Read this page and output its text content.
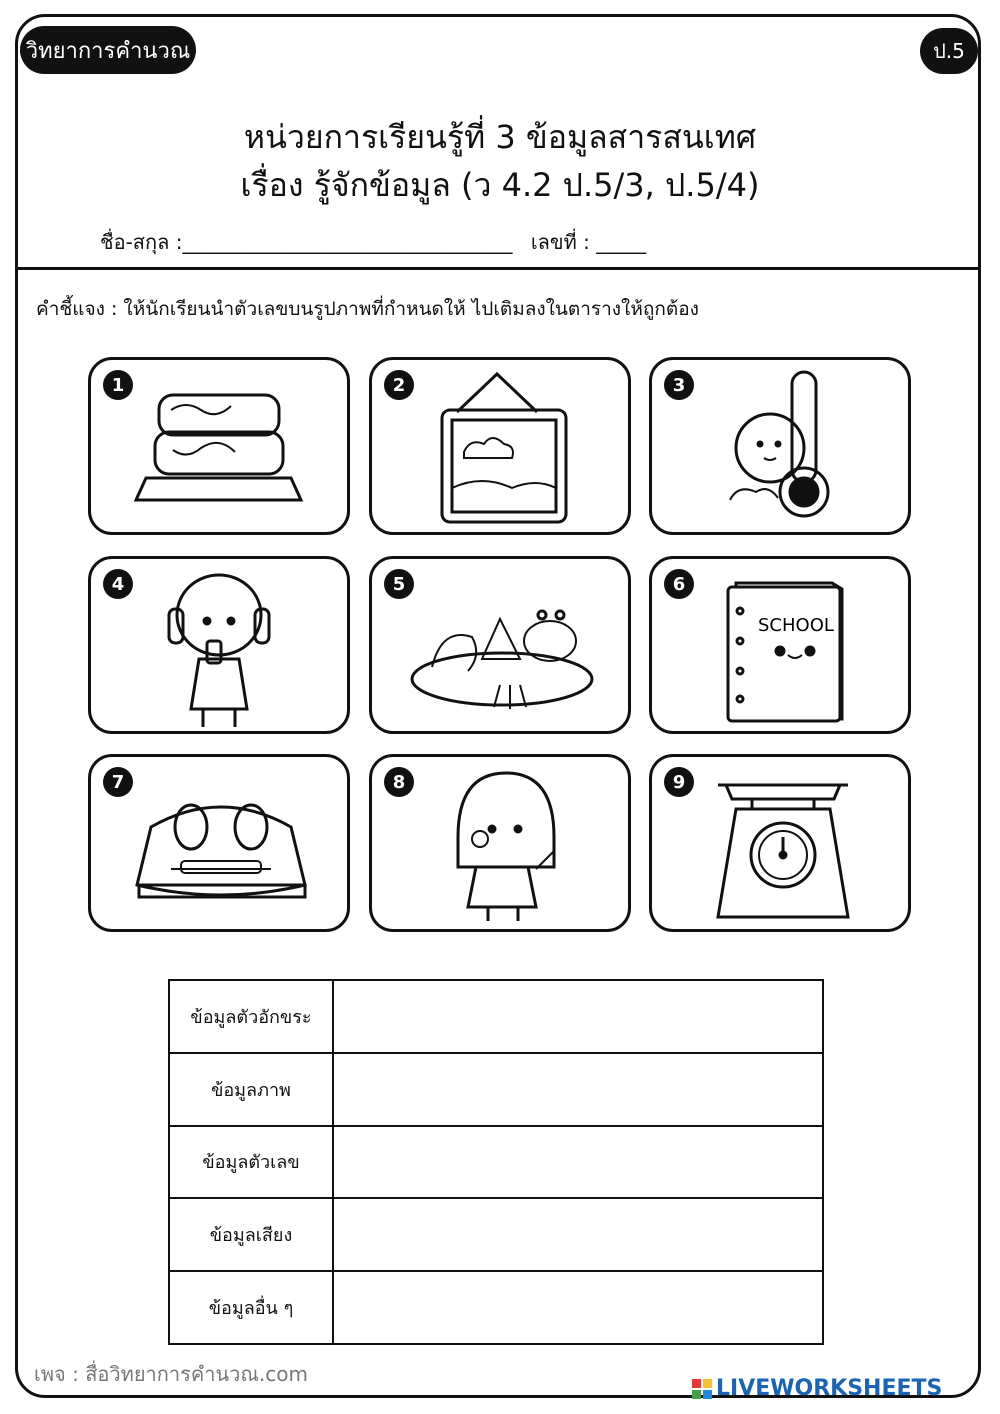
วิทยาการคำนวณ	ป.5
หน่วยการเรียนรู้ที่ 3 ข้อมูลสารสนเทศ
เรื่อง รู้จักข้อมูล (ว 4.2 ป.5/3, ป.5/4)
ชื่อ-สกุล :_________________________________ เลขที่ : _____
คำชี้แจง : ให้นักเรียนนำตัวเลขบนรูปภาพที่กำหนดให้ ไปเติมลงในตารางให้ถูกต้อง
1	2	3
4	5	6
SCHOOL
7	8	9
ข้อมูลตัวอักขระ	
ข้อมูลภาพ	
ข้อมูลตัวเลข	
ข้อมูลเสียง	
ข้อมูลอื่น ๆ	
เพจ : สื่อวิทยาการคำนวณ.com
LIVEWORKSHEETS
